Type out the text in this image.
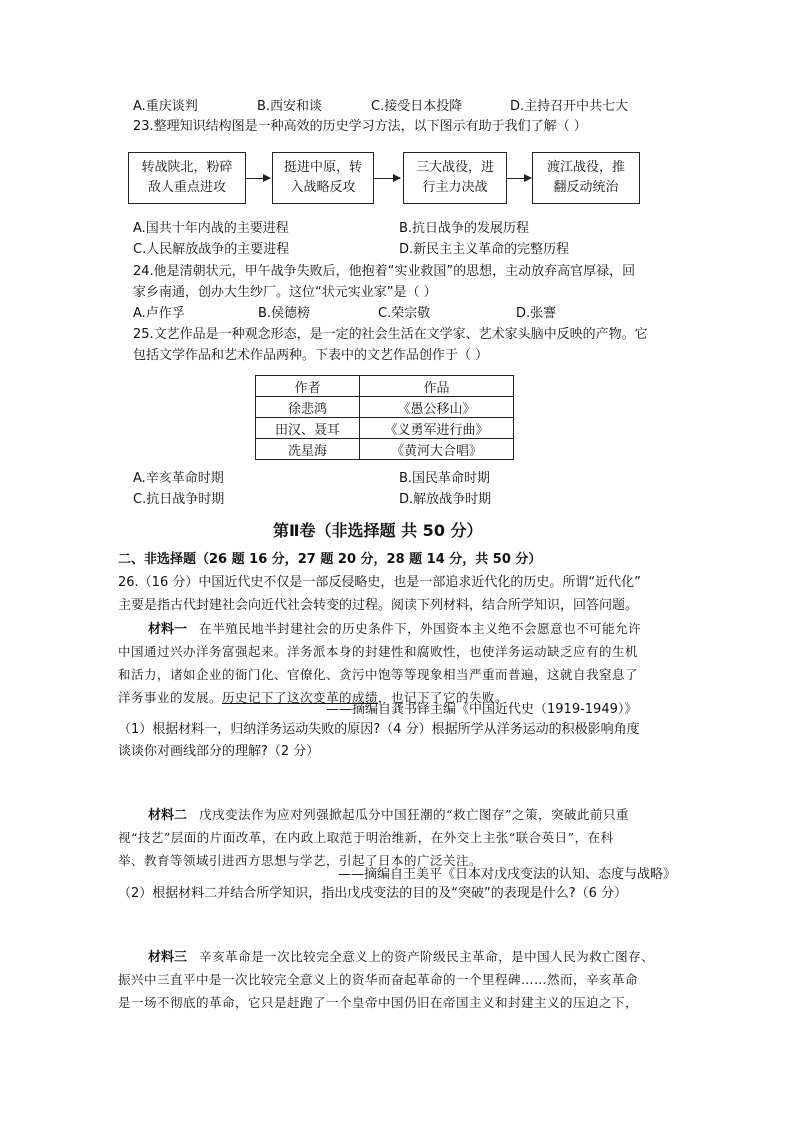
A.重庆谈判	B.西安和谈	C.接受日本投降	D.主持召开中共七大
23.整理知识结构图是一种高效的历史学习方法，以下图示有助于我们了解（ ）
转战陕北，粉碎
敌人重点进攻
挺进中原，转
入战略反攻
三大战役，进
行主力决战
渡江战役，推
翻反动统治
A.国共十年内战的主要进程	B.抗日战争的发展历程
C.人民解放战争的主要进程	D.新民主主义革命的完整历程
24.他是清朝状元，甲午战争失败后，他抱着“实业救国”的思想，主动放弃高官厚禄，回
家乡南通，创办大生纱厂。这位“状元实业家”是（ ）
A.卢作孚	B.侯德榜	C.荣宗敬	D.张謇
25.文艺作品是一种观念形态，是一定的社会生活在文学家、艺术家头脑中反映的产物。它
包括文学作品和艺术作品两种。下表中的文艺作品创作于（ ）
作者	作品
徐悲鸿	《愚公移山》
田汉、聂耳	《义勇军进行曲》
冼星海	《黄河大合唱》
A.辛亥革命时期	B.国民革命时期
C.抗日战争时期	D.解放战争时期
第Ⅱ卷（非选择题 共 50 分）
二、非选择题（26 题 16 分，27 题 20 分，28 题 14 分，共 50 分）
26.（16 分）中国近代史不仅是一部反侵略史，也是一部追求近代化的历史。所谓“近代化”
主要是指古代封建社会向近代社会转变的过程。阅读下列材料，结合所学知识，回答问题。
材料一 在半殖民地半封建社会的历史条件下，外国资本主义绝不会愿意也不可能允许
中国通过兴办洋务富强起来。洋务派本身的封建性和腐败性，也使洋务运动缺乏应有的生机
和活力，诸如企业的衙门化、官僚化、贪污中饱等等现象相当严重而普遍，这就自我窒息了
洋务事业的发展。历史记下了这次变革的成绩，也记下了它的失败。
——摘编自龚书铎主编《中国近代史（1919-1949）》
（1）根据材料一，归纳洋务运动失败的原因?（4 分）根据所学从洋务运动的积极影响角度
谈谈你对画线部分的理解?（2 分）
材料二 戊戌变法作为应对列强掀起瓜分中国狂潮的“救亡图存”之策，突破此前只重
视“技艺”层面的片面改革，在内政上取范于明治维新，在外交上主张“联合英日”，在科
举、教育等领域引进西方思想与学艺，引起了日本的广泛关注。
——摘编自王美平《日本对戊戌变法的认知、态度与战略》
（2）根据材料二并结合所学知识，指出戊戌变法的目的及“突破”的表现是什么?（6 分）
材料三 辛亥革命是一次比较完全意义上的资产阶级民主革命，是中国人民为救亡图存、
振兴中三直平中是一次比较完全意义上的资华而奋起革命的一个里程碑……然而，辛亥革命
是一场不彻底的革命，它只是赶跑了一个皇帝中国仍旧在帝国主义和封建主义的压迫之下，
